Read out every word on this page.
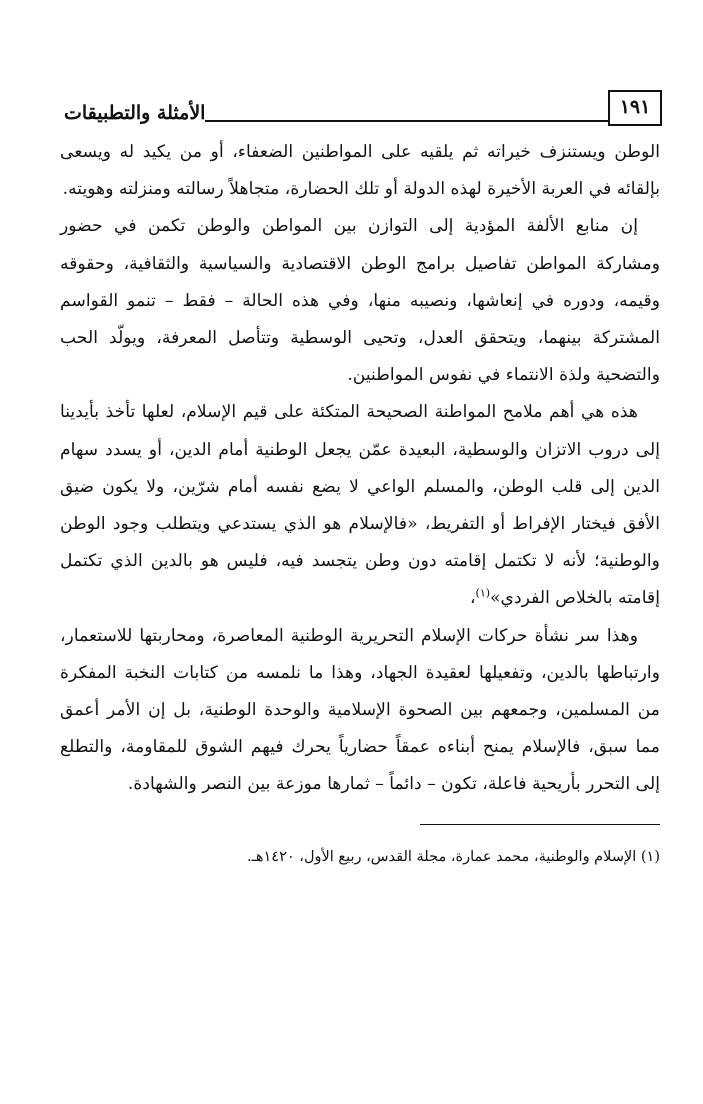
١٩١
الأمثلة والتطبيقات

الوطن ويستنزف خيراته ثم يلقيه على المواطنين الضعفاء، أو من يكيد له ويسعى بإلقائه في العربة الأخيرة لهذه الدولة أو تلك الحضارة، متجاهلاً رسالته ومنزلته وهويته.

إن منابع الألفة المؤدية إلى التوازن بين المواطن والوطن تكمن في حضور ومشاركة المواطن تفاصيل برامج الوطن الاقتصادية والسياسية والثقافية، وحقوقه وقيمه، ودوره في إنعاشها، ونصيبه منها، وفي هذه الحالة – فقط – تنمو القواسم المشتركة بينهما، ويتحقق العدل، وتحيى الوسطية وتتأصل المعرفة، ويولّد الحب والتضحية ولذة الانتماء في نفوس المواطنين.

هذه هي أهم ملامح المواطنة الصحيحة المتكئة على قيم الإسلام، لعلها تأخذ بأيدينا إلى دروب الاتزان والوسطية، البعيدة عمّن يجعل الوطنية أمام الدين، أو يسدد سهام الدين إلى قلب الوطن، والمسلم الواعي لا يضع نفسه أمام شرّين، ولا يكون ضيق الأفق فيختار الإفراط أو التفريط، «فالإسلام هو الذي يستدعي ويتطلب وجود الوطن والوطنية؛ لأنه لا تكتمل إقامته دون وطن يتجسد فيه، فليس هو بالدين الذي تكتمل إقامته بالخلاص الفردي»$^{(١)}$،

وهذا سر نشأة حركات الإسلام التحريرية الوطنية المعاصرة، ومحاربتها للاستعمار، وارتباطها بالدين، وتفعيلها لعقيدة الجهاد، وهذا ما نلمسه من كتابات النخبة المفكرة من المسلمين، وجمعهم بين الصحوة الإسلامية والوحدة الوطنية، بل إن الأمر أعمق مما سبق، فالإسلام يمنح أبناءه عمقاً حضارياً يحرك فيهم الشوق للمقاومة، والتطلع إلى التحرر بأريحية فاعلة، تكون – دائماً – ثمارها موزعة بين النصر والشهادة.

(١) الإسلام والوطنية، محمد عمارة، مجلة القدس، ربيع الأول، ١٤٢٠هـ.
